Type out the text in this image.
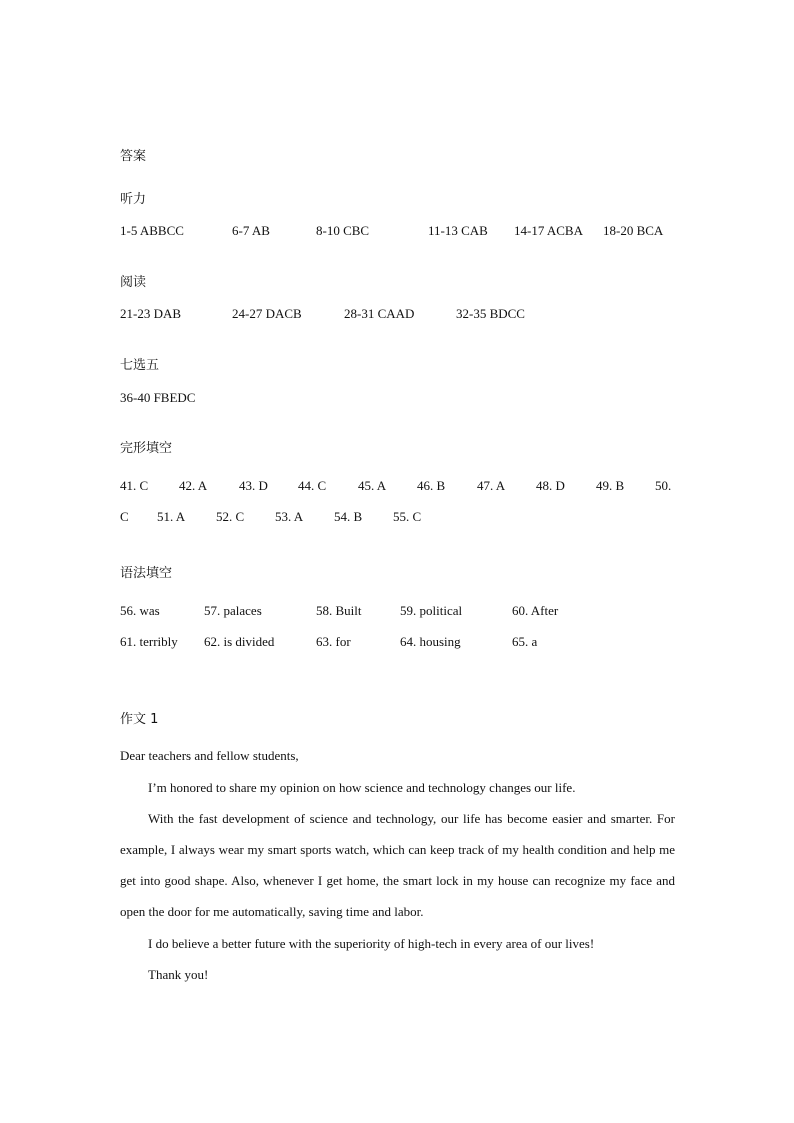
答案
听力
1-5 ABBCC	6-7 AB	8-10 CBC	11-13 CAB 14-17 ACBA 18-20 BCA
阅读
21-23 DAB	24-27 DACB	28-31 CAAD	32-35 BDCC
七选五
36-40 FBEDC
完形填空
41. C 42. A 43. D 44. C 45. A 46. B 47. A 48. D 49. B 50.
C 51. A 52. C 53. A 54. B 55. C
语法填空
56. was	57. palaces	58. Built	59. political	60. After
61. terribly 62. is divided	63. for	64. housing	65. a
作文 1
Dear teachers and fellow students,
I’m honored to share my opinion on how science and technology changes our life.
With the fast development of science and technology, our life has become easier and smarter. For example, I always wear my smart sports watch, which can keep track of my health condition and help me get into good shape. Also, whenever I get home, the smart lock in my house can recognize my face and open the door for me automatically, saving time and labor.
I do believe a better future with the superiority of high-tech in every area of our lives!
Thank you!
